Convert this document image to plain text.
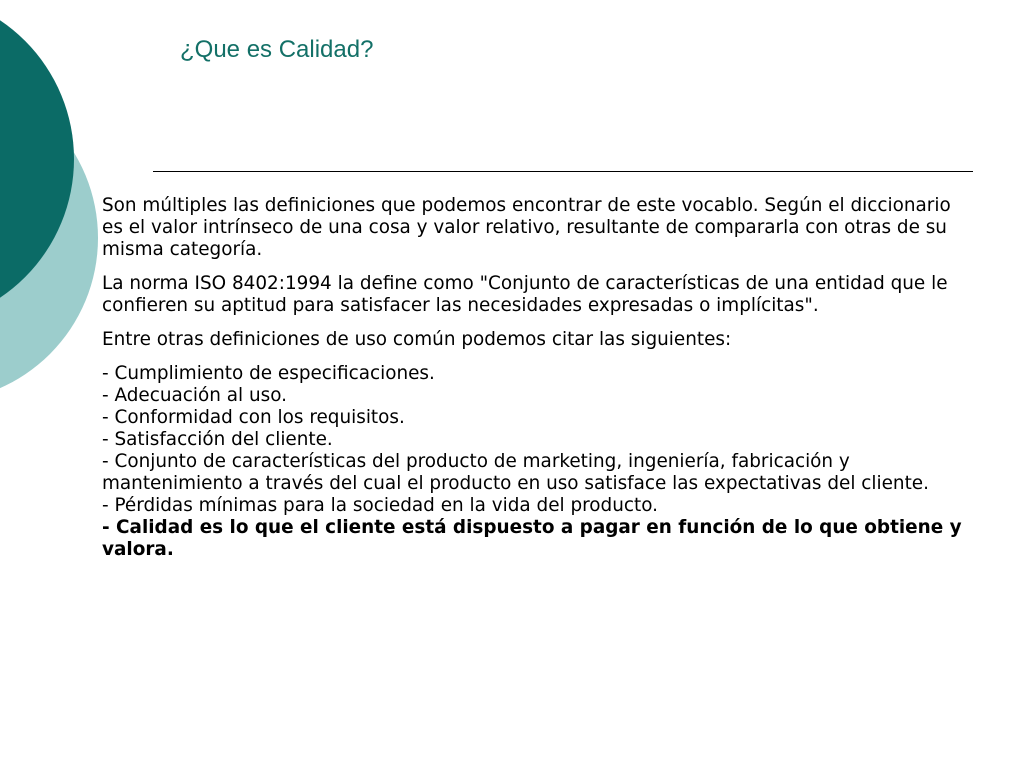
¿Que es Calidad?

Son múltiples las definiciones que podemos encontrar de este vocablo. Según el diccionario es el valor intrínseco de una cosa y valor relativo, resultante de compararla con otras de su misma categoría.

La norma ISO 8402:1994 la define como "Conjunto de características de una entidad que le confieren su aptitud para satisfacer las necesidades expresadas o implícitas".

Entre otras definiciones de uso común podemos citar las siguientes:

- Cumplimiento de especificaciones.
- Adecuación al uso.
- Conformidad con los requisitos.
- Satisfacción del cliente.
- Conjunto de características del producto de marketing, ingeniería, fabricación y mantenimiento a través del cual el producto en uso satisface las expectativas del cliente.
- Pérdidas mínimas para la sociedad en la vida del producto.
- Calidad es lo que el cliente está dispuesto a pagar en función de lo que obtiene y valora.
